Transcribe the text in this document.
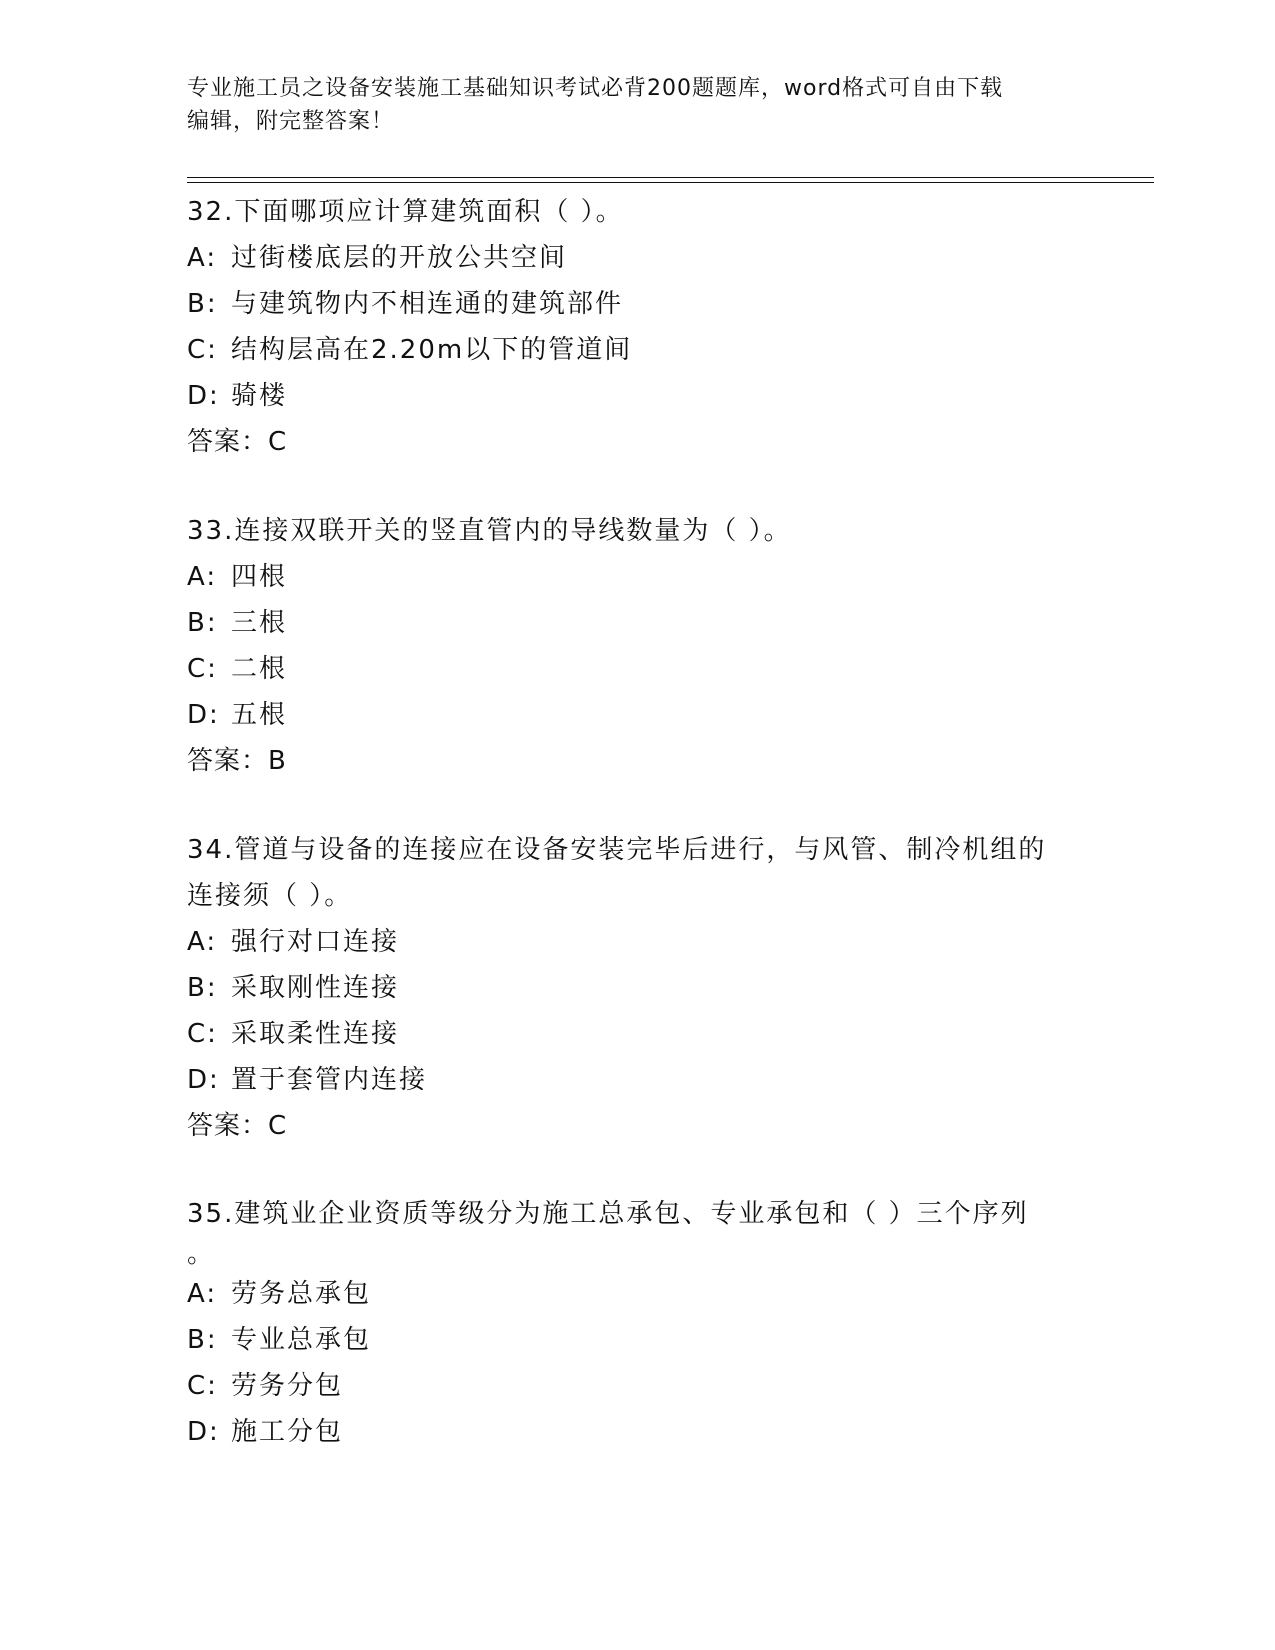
专业施工员之设备安装施工基础知识考试必背200题题库，word格式可自由下载
编辑，附完整答案！
32.下面哪项应计算建筑面积（ ）。
A: 过街楼底层的开放公共空间
B: 与建筑物内不相连通的建筑部件
C: 结构层高在2.20m以下的管道间
D: 骑楼
答案：C
33.连接双联开关的竖直管内的导线数量为（ ）。
A: 四根
B: 三根
C: 二根
D: 五根
答案：B
34.管道与设备的连接应在设备安装完毕后进行，与风管、制冷机组的
连接须（ ）。
A: 强行对口连接
B: 采取刚性连接
C: 采取柔性连接
D: 置于套管内连接
答案：C
35.建筑业企业资质等级分为施工总承包、专业承包和（ ）三个序列
。
A: 劳务总承包
B: 专业总承包
C: 劳务分包
D: 施工分包
